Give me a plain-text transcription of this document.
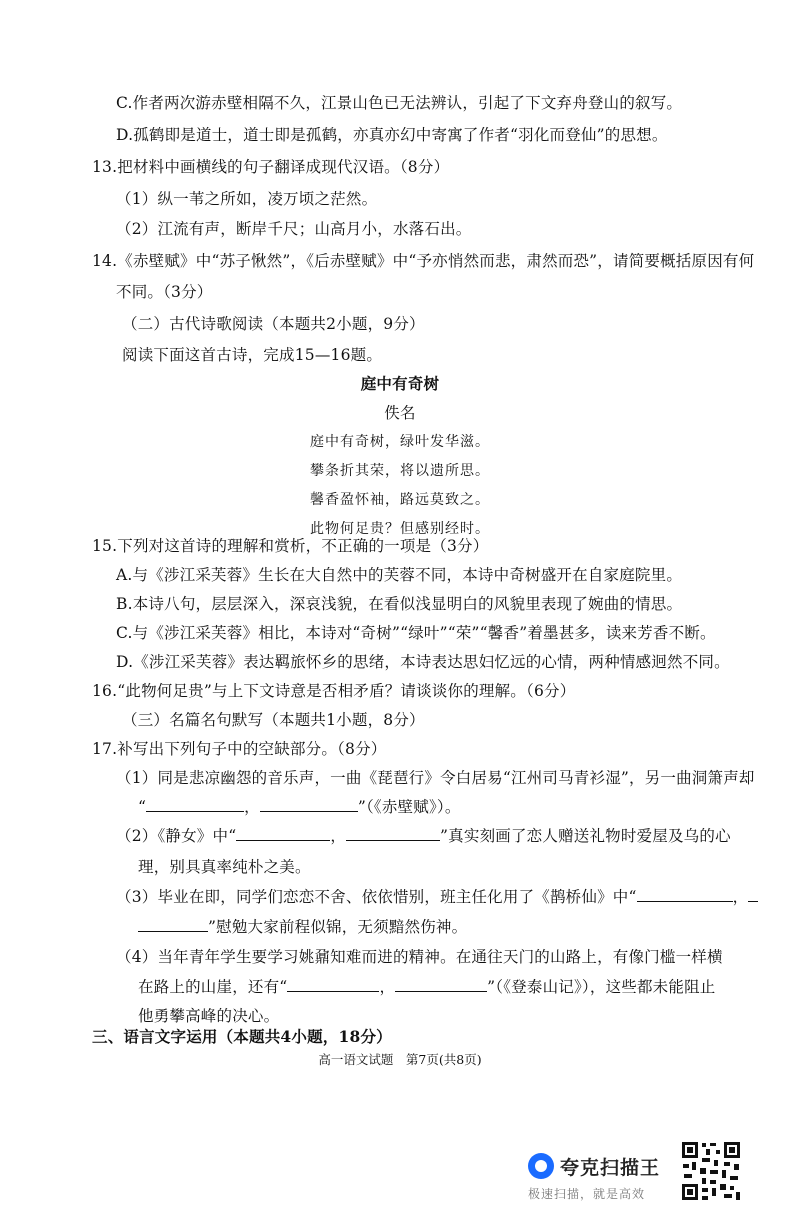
C.作者两次游赤壁相隔不久，江景山色已无法辨认，引起了下文弃舟登山的叙写。
D.孤鹤即是道士，道士即是孤鹤，亦真亦幻中寄寓了作者“羽化而登仙”的思想。
13.把材料中画横线的句子翻译成现代汉语。（8分）
（1）纵一苇之所如，凌万顷之茫然。
（2）江流有声，断岸千尺；山高月小，水落石出。
14.《赤壁赋》中“苏子愀然”，《后赤壁赋》中“予亦悄然而悲，肃然而恐”，请简要概括原因有何
不同。（3分）
（二）古代诗歌阅读（本题共2小题，9分）
阅读下面这首古诗，完成15—16题。
庭中有奇树
佚名
庭中有奇树，绿叶发华滋。
攀条折其荣，将以遗所思。
馨香盈怀袖，路远莫致之。
此物何足贵？但感别经时。
15.下列对这首诗的理解和赏析，不正确的一项是（3分）
A.与《涉江采芙蓉》生长在大自然中的芙蓉不同，本诗中奇树盛开在自家庭院里。
B.本诗八句，层层深入，深哀浅貌，在看似浅显明白的风貌里表现了婉曲的情思。
C.与《涉江采芙蓉》相比，本诗对“奇树”“绿叶”“荣”“馨香”着墨甚多，读来芳香不断。
D.《涉江采芙蓉》表达羁旅怀乡的思绪，本诗表达思妇忆远的心情，两种情感迥然不同。
16.“此物何足贵”与上下文诗意是否相矛盾？请谈谈你的理解。（6分）
（三）名篇名句默写（本题共1小题，8分）
17.补写出下列句子中的空缺部分。（8分）
（1）同是悲凉幽怨的音乐声，一曲《琵琶行》令白居易“江州司马青衫湿”，另一曲洞箫声却
“	，	”（《赤壁赋》）。
（2）《静女》中“	，	”真实刻画了恋人赠送礼物时爱屋及乌的心
理，别具真率纯朴之美。
（3）毕业在即，同学们恋恋不舍、依依惜别，班主任化用了《鹊桥仙》中“	，
”慰勉大家前程似锦，无须黯然伤神。
（4）当年青年学生要学习姚鼐知难而进的精神。在通往天门的山路上，有像门槛一样横
在路上的山崖，还有“	，	”（《登泰山记》），这些都未能阻止
高一语文试题　第7页(共8页)
夸克扫描王
极速扫描，就是高效
他勇攀高峰的决心。
三、语言文字运用（本题共4小题，18分）
